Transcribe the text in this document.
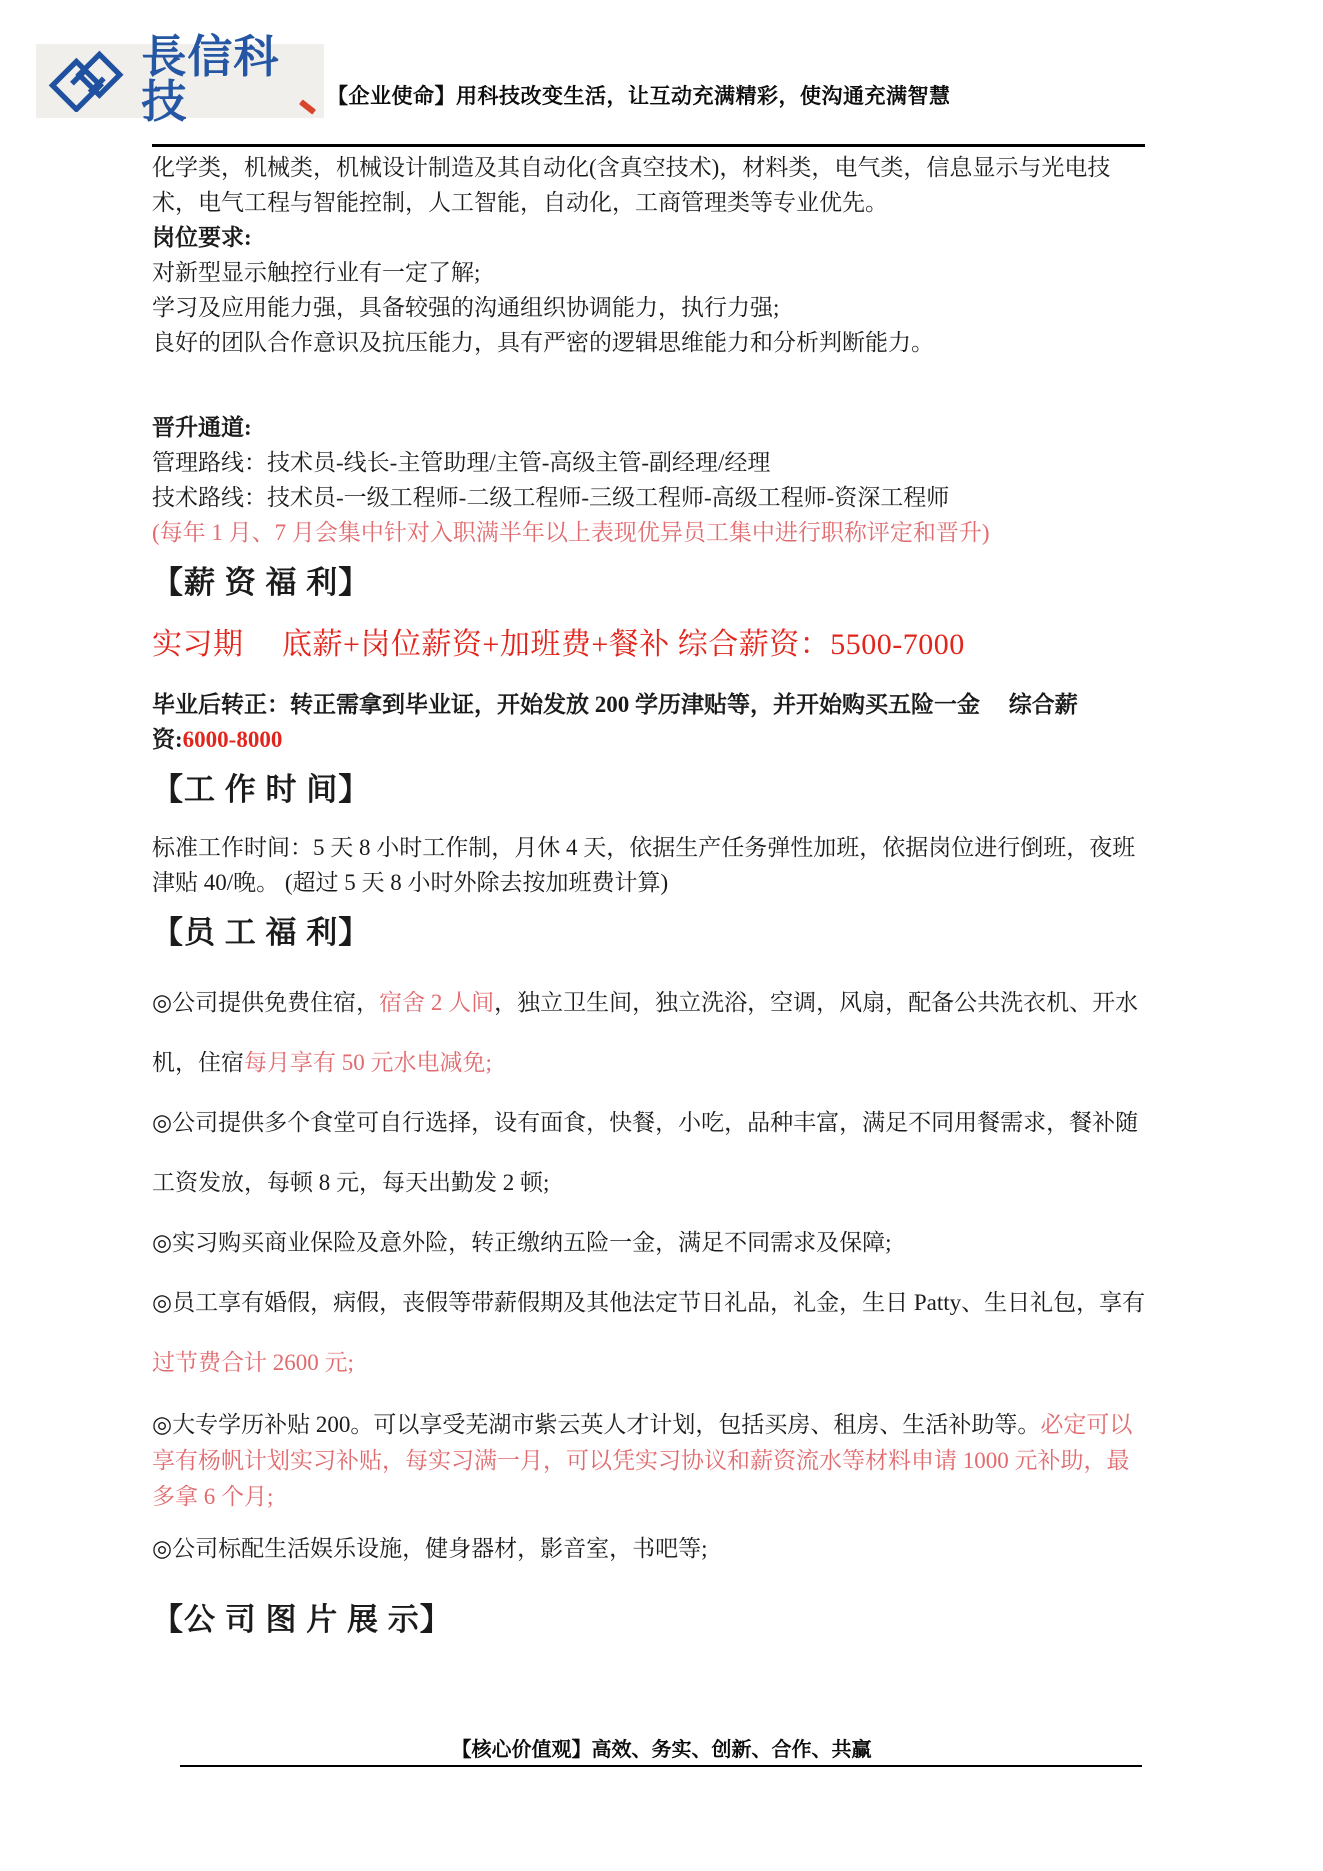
長信科技	【企业使命】用科技改变生活，让互动充满精彩，使沟通充满智慧
化学类，机械类，机械设计制造及其自动化(含真空技术)，材料类，电气类，信息显示与光电技术，电气工程与智能控制，人工智能，自动化，工商管理类等专业优先。
岗位要求:
对新型显示触控行业有一定了解;
学习及应用能力强，具备较强的沟通组织协调能力，执行力强;
良好的团队合作意识及抗压能力，具有严密的逻辑思维能力和分析判断能力。
晋升通道:
管理路线：技术员-线长-主管助理/主管-高级主管-副经理/经理
技术路线：技术员-一级工程师-二级工程师-三级工程师-高级工程师-资深工程师
(每年 1 月、7 月会集中针对入职满半年以上表现优异员工集中进行职称评定和晋升)
【薪 资 福 利】
实习期　 底薪+岗位薪资+加班费+餐补 综合薪资：5500-7000
毕业后转正：转正需拿到毕业证，开始发放 200 学历津贴等，并开始购买五险一金　 综合薪资:6000-8000
【工 作 时 间】
标准工作时间：5 天 8 小时工作制，月休 4 天，依据生产任务弹性加班，依据岗位进行倒班，夜班津贴 40/晚。 (超过 5 天 8 小时外除去按加班费计算)
【员 工 福 利】
◎公司提供免费住宿，宿舍 2 人间，独立卫生间，独立洗浴，空调，风扇，配备公共洗衣机、开水机，住宿每月享有 50 元水电减免;
◎公司提供多个食堂可自行选择，设有面食，快餐，小吃，品种丰富，满足不同用餐需求，餐补随工资发放，每顿 8 元，每天出勤发 2 顿;
◎实习购买商业保险及意外险，转正缴纳五险一金，满足不同需求及保障;
◎员工享有婚假，病假，丧假等带薪假期及其他法定节日礼品，礼金，生日 Patty、生日礼包，享有过节费合计 2600 元;
◎大专学历补贴 200。可以享受芜湖市紫云英人才计划，包括买房、租房、生活补助等。必定可以享有杨帆计划实习补贴，每实习满一月，可以凭实习协议和薪资流水等材料申请 1000 元补助，最多拿 6 个月;
◎公司标配生活娱乐设施，健身器材，影音室，书吧等;
【公 司 图 片 展 示】
【核心价值观】高效、务实、创新、合作、共赢
